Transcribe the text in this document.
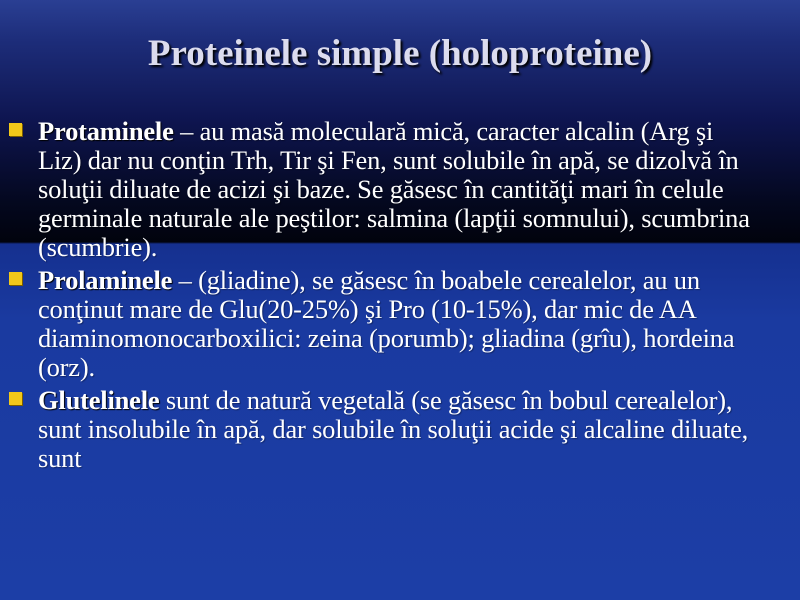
Proteinele simple (holoproteine)
Protaminele – au masă moleculară mică, caracter alcalin (Arg şi Liz) dar nu conţin Trh, Tir şi Fen, sunt solubile în apă, se dizolvă în soluţii diluate de acizi şi baze. Se găsesc în cantităţi mari în celule germinale naturale ale peştilor: salmina (lapţii somnului), scumbrina (scumbrie).
Prolaminele – (gliadine), se găsesc în boabele cerealelor, au un conţinut mare de Glu(20-25%) şi Pro (10-15%), dar mic de AA diaminomonocarboxilici: zeina (porumb); gliadina (grîu), hordeina (orz).
Glutelinele sunt de natură vegetală (se găsesc în bobul cerealelor), sunt insolubile în apă, dar solubile în soluţii acide şi alcaline diluate, sunt
